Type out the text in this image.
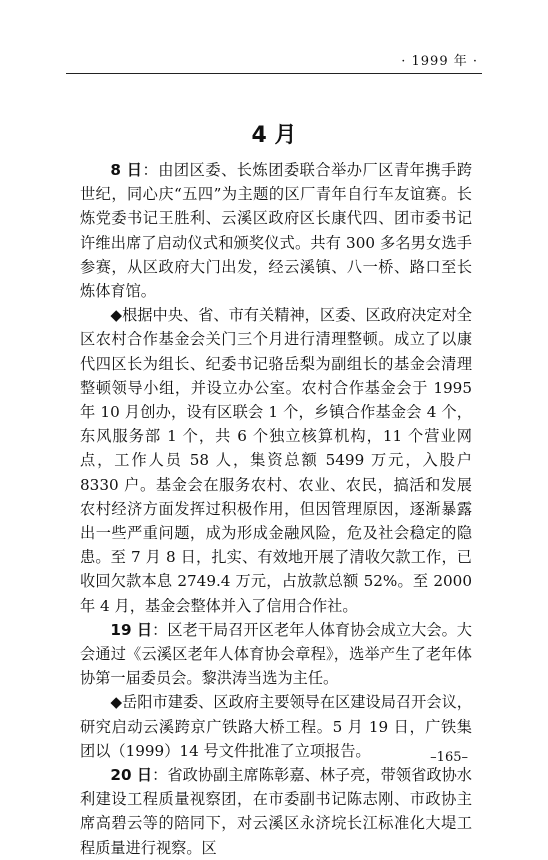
· 1999 年 ·
4 月

8 日：由团区委、长炼团委联合举办厂区青年携手跨世纪，同心庆“五四”为主题的区厂青年自行车友谊赛。长炼党委书记王胜利、云溪区政府区长康代四、团市委书记许维出席了启动仪式和颁奖仪式。共有 300 多名男女选手参赛，从区政府大门出发，经云溪镇、八一桥、路口至长炼体育馆。

◆根据中央、省、市有关精神，区委、区政府决定对全区农村合作基金会关门三个月进行清理整顿。成立了以康代四区长为组长、纪委书记骆岳梨为副组长的基金会清理整顿领导小组，并设立办公室。农村合作基金会于 1995 年 10 月创办，设有区联会 1 个，乡镇合作基金会 4 个，东风服务部 1 个，共 6 个独立核算机构，11 个营业网点，工作人员 58 人，集资总额 5499 万元，入股户 8330 户。基金会在服务农村、农业、农民，搞活和发展农村经济方面发挥过积极作用，但因管理原因，逐渐暴露出一些严重问题，成为形成金融风险，危及社会稳定的隐患。至 7 月 8 日，扎实、有效地开展了清收欠款工作，已收回欠款本息 2749.4 万元，占放款总额 52%。至 2000 年 4 月，基金会整体并入了信用合作社。

19 日：区老干局召开区老年人体育协会成立大会。大会通过《云溪区老年人体育协会章程》，选举产生了老年体协第一届委员会。黎洪涛当选为主任。

◆岳阳市建委、区政府主要领导在区建设局召开会议，研究启动云溪跨京广铁路大桥工程。5 月 19 日，广铁集团以（1999）14 号文件批准了立项报告。

20 日：省政协副主席陈彰嘉、林子亮，带领省政协水利建设工程质量视察团，在市委副书记陈志刚、市政协主席高碧云等的陪同下，对云溪区永济垸长江标准化大堤工程质量进行视察。区

–165–
